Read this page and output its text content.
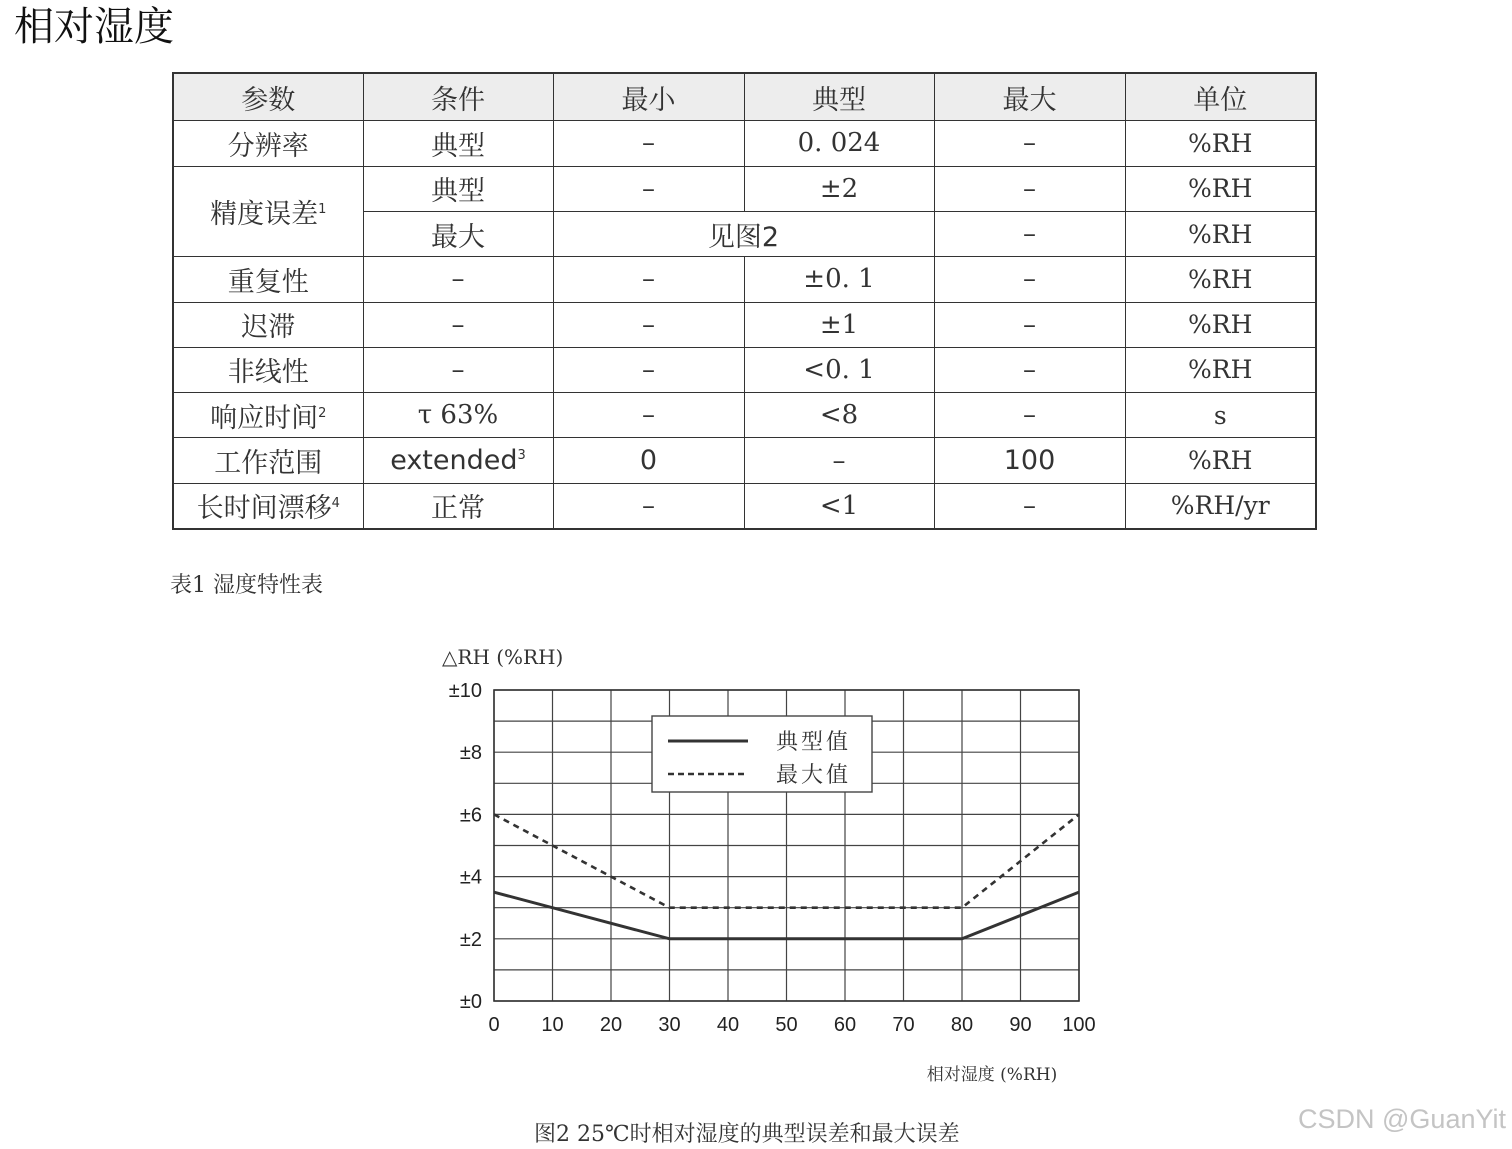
相对湿度
参数	条件	最小	典型	最大	单位
分辨率	典型	–	0. 024	–	%RH
精度误差$^1$	典型	–	±2	–	%RH
	最大	见图2		–	%RH
重复性	–	–	±0. 1	–	%RH
迟滞	–	–	±1	–	%RH
非线性	–	–	<0. 1	–	%RH
响应时间$^2$	τ 63%	–	<8	–	s
工作范围	extended$^3$	0	–	100	%RH
长时间漂移$^4$	正常	–	<1	–	%RH/yr
表1 湿度特性表
△RH (%RH)
±0
±2
±4
±6
±8
±10
0 10 20 30 40 50 60 70 80 90 100
相对湿度 (%RH)
典型值
最大值
图2 25℃时相对湿度的典型误差和最大误差
CSDN @GuanYit
